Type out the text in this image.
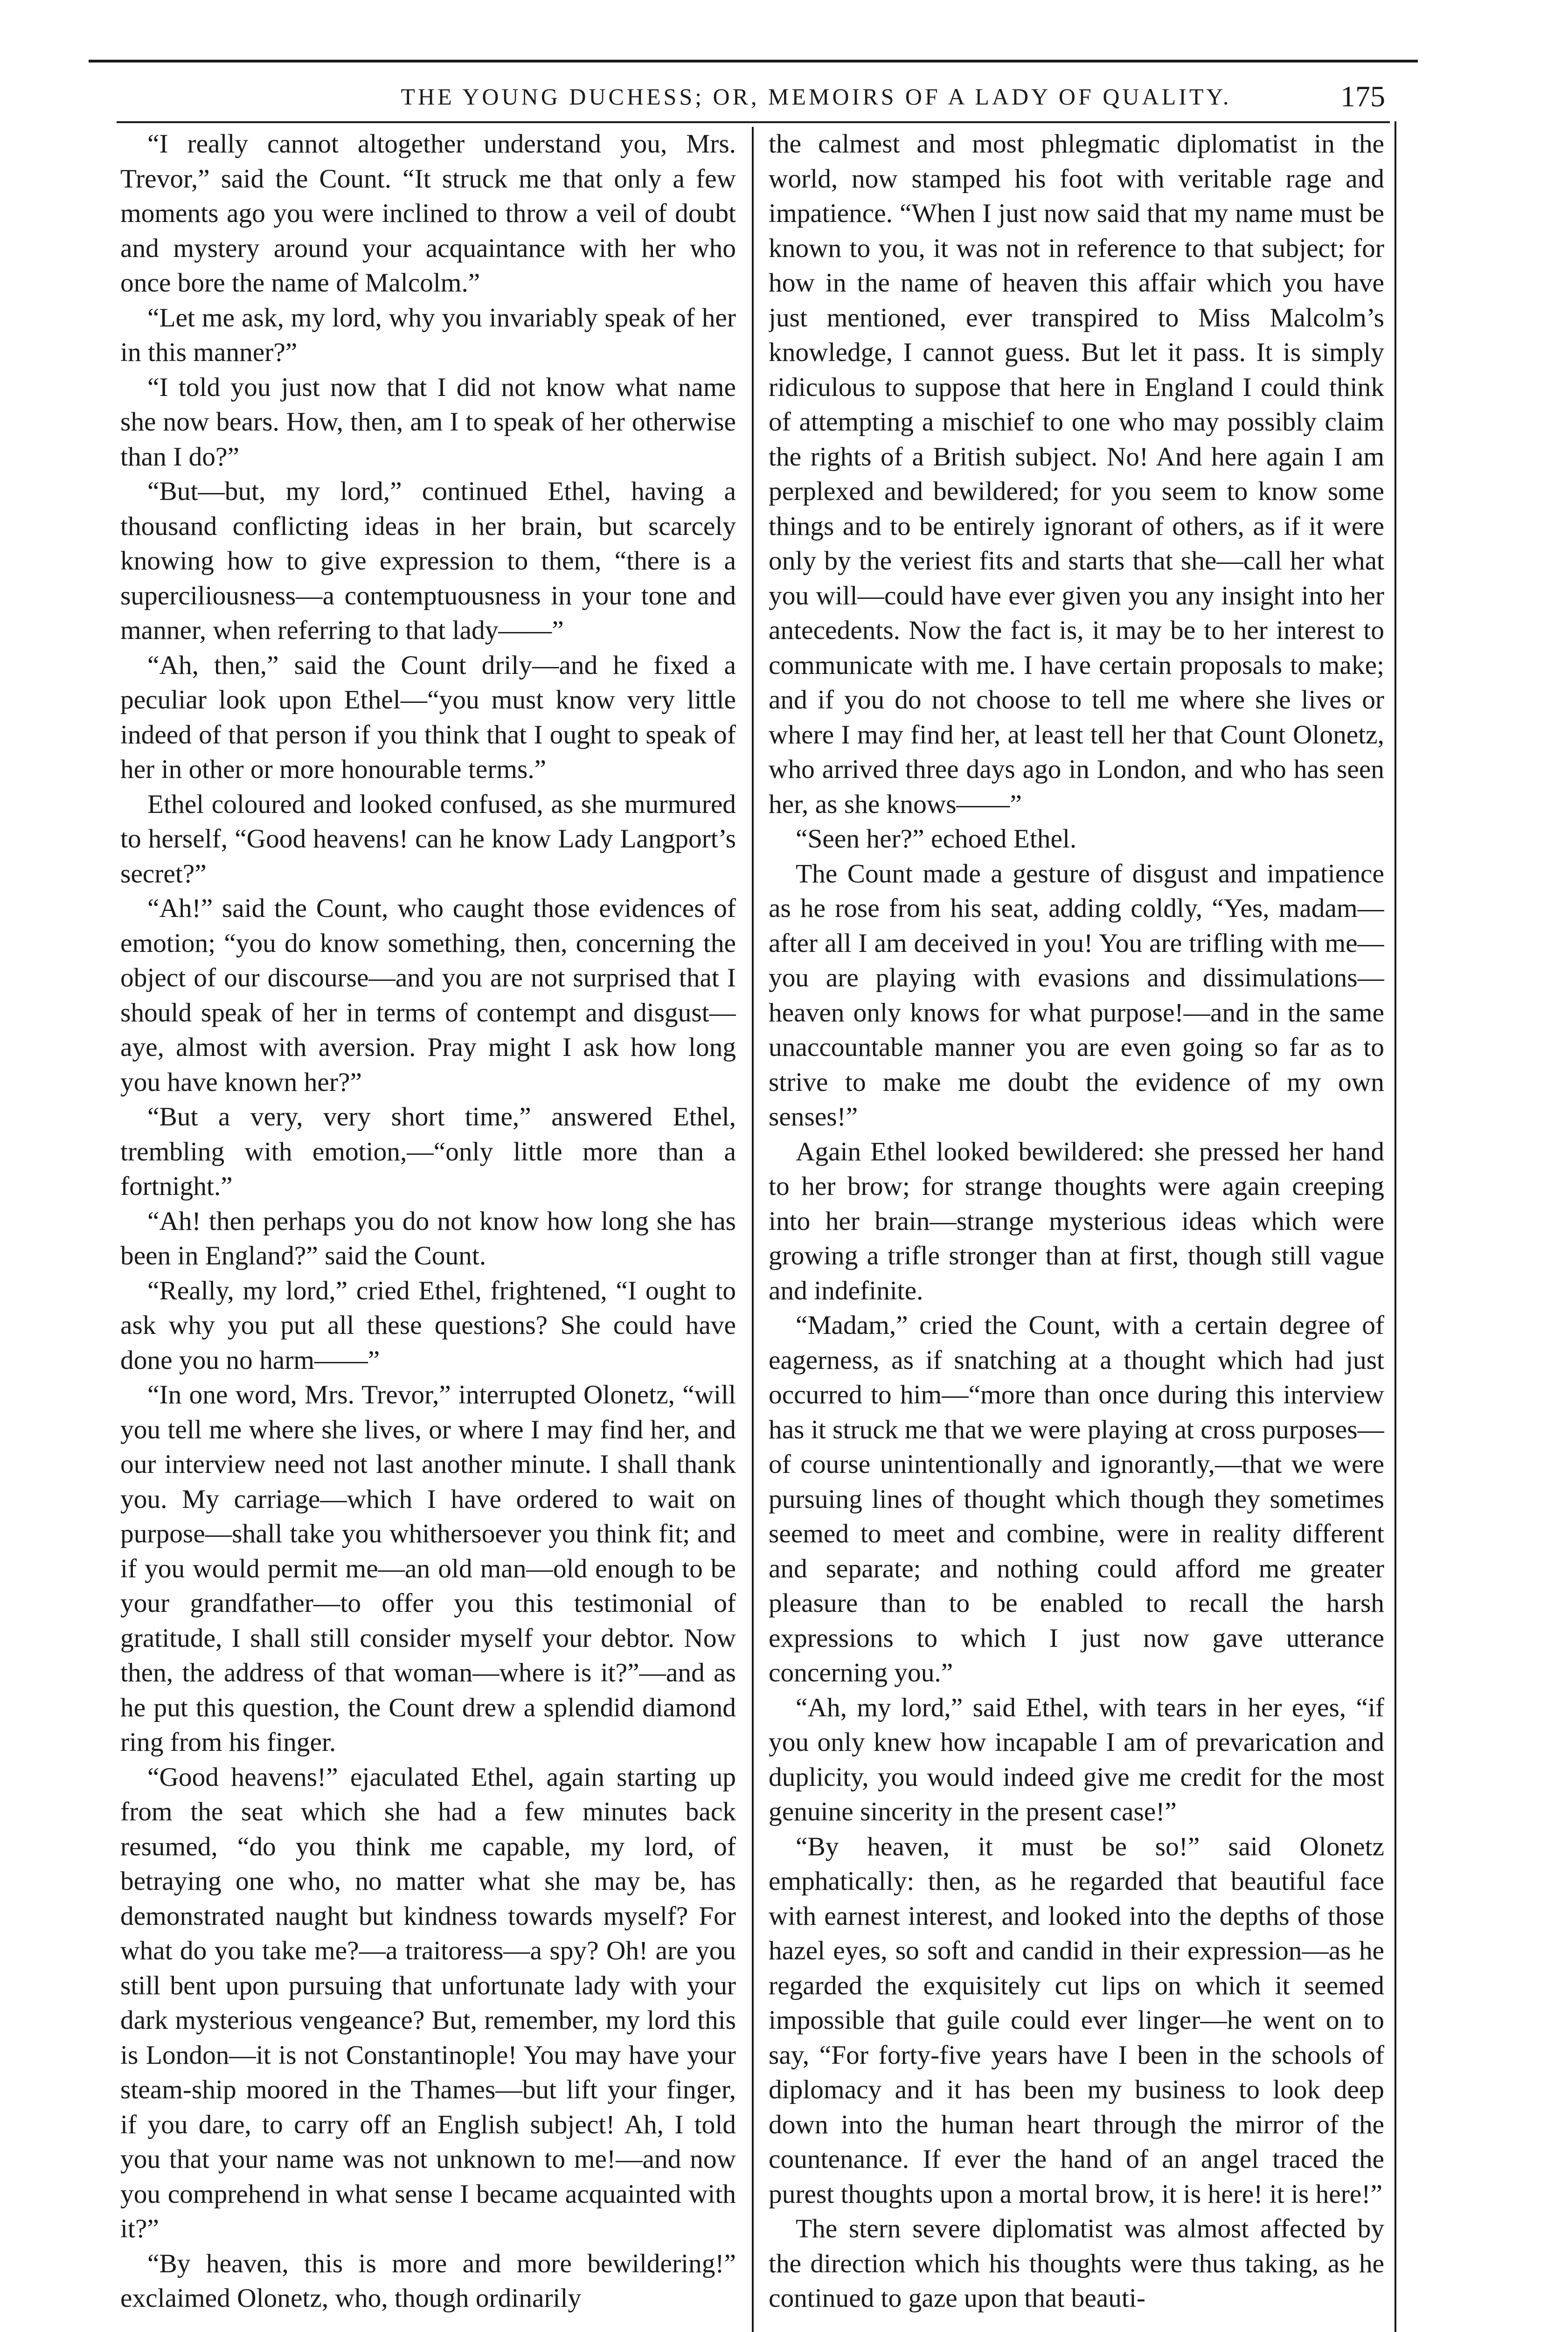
THE YOUNG DUCHESS; OR, MEMOIRS OF A LADY OF QUALITY.	175

“I really cannot altogether understand you, Mrs. Trevor,” said the Count. “It struck me that only a few moments ago you were inclined to throw a veil of doubt and mystery around your acquaintance with her who once bore the name of Malcolm.”

“Let me ask, my lord, why you invariably speak of her in this manner?”

“I told you just now that I did not know what name she now bears. How, then, am I to speak of her otherwise than I do?”

“But—but, my lord,” continued Ethel, having a thousand conflicting ideas in her brain, but scarcely knowing how to give expression to them, “there is a superciliousness—a contemptuousness in your tone and manner, when referring to that lady——”

“Ah, then,” said the Count drily—and he fixed a peculiar look upon Ethel—“you must know very little indeed of that person if you think that I ought to speak of her in other or more honourable terms.”

Ethel coloured and looked confused, as she murmured to herself, “Good heavens! can he know Lady Langport’s secret?”

“Ah!” said the Count, who caught those evidences of emotion; “you do know something, then, concerning the object of our discourse—and you are not surprised that I should speak of her in terms of contempt and disgust—aye, almost with aversion. Pray might I ask how long you have known her?”

“But a very, very short time,” answered Ethel, trembling with emotion,—“only little more than a fortnight.”

“Ah! then perhaps you do not know how long she has been in England?” said the Count.

“Really, my lord,” cried Ethel, frightened, “I ought to ask why you put all these questions? She could have done you no harm——”

“In one word, Mrs. Trevor,” interrupted Olonetz, “will you tell me where she lives, or where I may find her, and our interview need not last another minute. I shall thank you. My carriage—which I have ordered to wait on purpose—shall take you whithersoever you think fit; and if you would permit me—an old man—old enough to be your grandfather—to offer you this testimonial of gratitude, I shall still consider myself your debtor. Now then, the address of that woman—where is it?”—and as he put this question, the Count drew a splendid diamond ring from his finger.

“Good heavens!” ejaculated Ethel, again starting up from the seat which she had a few minutes back resumed, “do you think me capable, my lord, of betraying one who, no matter what she may be, has demonstrated naught but kindness towards myself? For what do you take me?—a traitoress—a spy? Oh! are you still bent upon pursuing that unfortunate lady with your dark mysterious vengeance? But, remember, my lord this is London—it is not Constantinople! You may have your steam-ship moored in the Thames—but lift your finger, if you dare, to carry off an English subject! Ah, I told you that your name was not unknown to me!—and now you comprehend in what sense I became acquainted with it?”

“By heaven, this is more and more bewildering!” exclaimed Olonetz, who, though ordinarily

the calmest and most phlegmatic diplomatist in the world, now stamped his foot with veritable rage and impatience. “When I just now said that my name must be known to you, it was not in reference to that subject; for how in the name of heaven this affair which you have just mentioned, ever transpired to Miss Malcolm’s knowledge, I cannot guess. But let it pass. It is simply ridiculous to suppose that here in England I could think of attempting a mischief to one who may possibly claim the rights of a British subject. No! And here again I am perplexed and bewildered; for you seem to know some things and to be entirely ignorant of others, as if it were only by the veriest fits and starts that she—call her what you will—could have ever given you any insight into her antecedents. Now the fact is, it may be to her interest to communicate with me. I have certain proposals to make; and if you do not choose to tell me where she lives or where I may find her, at least tell her that Count Olonetz, who arrived three days ago in London, and who has seen her, as she knows——”

“Seen her?” echoed Ethel.

The Count made a gesture of disgust and impatience as he rose from his seat, adding coldly, “Yes, madam—after all I am deceived in you! You are trifling with me—you are playing with evasions and dissimulations—heaven only knows for what purpose!—and in the same unaccountable manner you are even going so far as to strive to make me doubt the evidence of my own senses!”

Again Ethel looked bewildered: she pressed her hand to her brow; for strange thoughts were again creeping into her brain—strange mysterious ideas which were growing a trifle stronger than at first, though still vague and indefinite.

“Madam,” cried the Count, with a certain degree of eagerness, as if snatching at a thought which had just occurred to him—“more than once during this interview has it struck me that we were playing at cross purposes—of course unintentionally and ignorantly,—that we were pursuing lines of thought which though they sometimes seemed to meet and combine, were in reality different and separate; and nothing could afford me greater pleasure than to be enabled to recall the harsh expressions to which I just now gave utterance concerning you.”

“Ah, my lord,” said Ethel, with tears in her eyes, “if you only knew how incapable I am of prevarication and duplicity, you would indeed give me credit for the most genuine sincerity in the present case!”

“By heaven, it must be so!” said Olonetz emphatically: then, as he regarded that beautiful face with earnest interest, and looked into the depths of those hazel eyes, so soft and candid in their expression—as he regarded the exquisitely cut lips on which it seemed impossible that guile could ever linger—he went on to say, “For forty-five years have I been in the schools of diplomacy and it has been my business to look deep down into the human heart through the mirror of the countenance. If ever the hand of an angel traced the purest thoughts upon a mortal brow, it is here! it is here!”

The stern severe diplomatist was almost affected by the direction which his thoughts were thus taking, as he continued to gaze upon that beauti-
